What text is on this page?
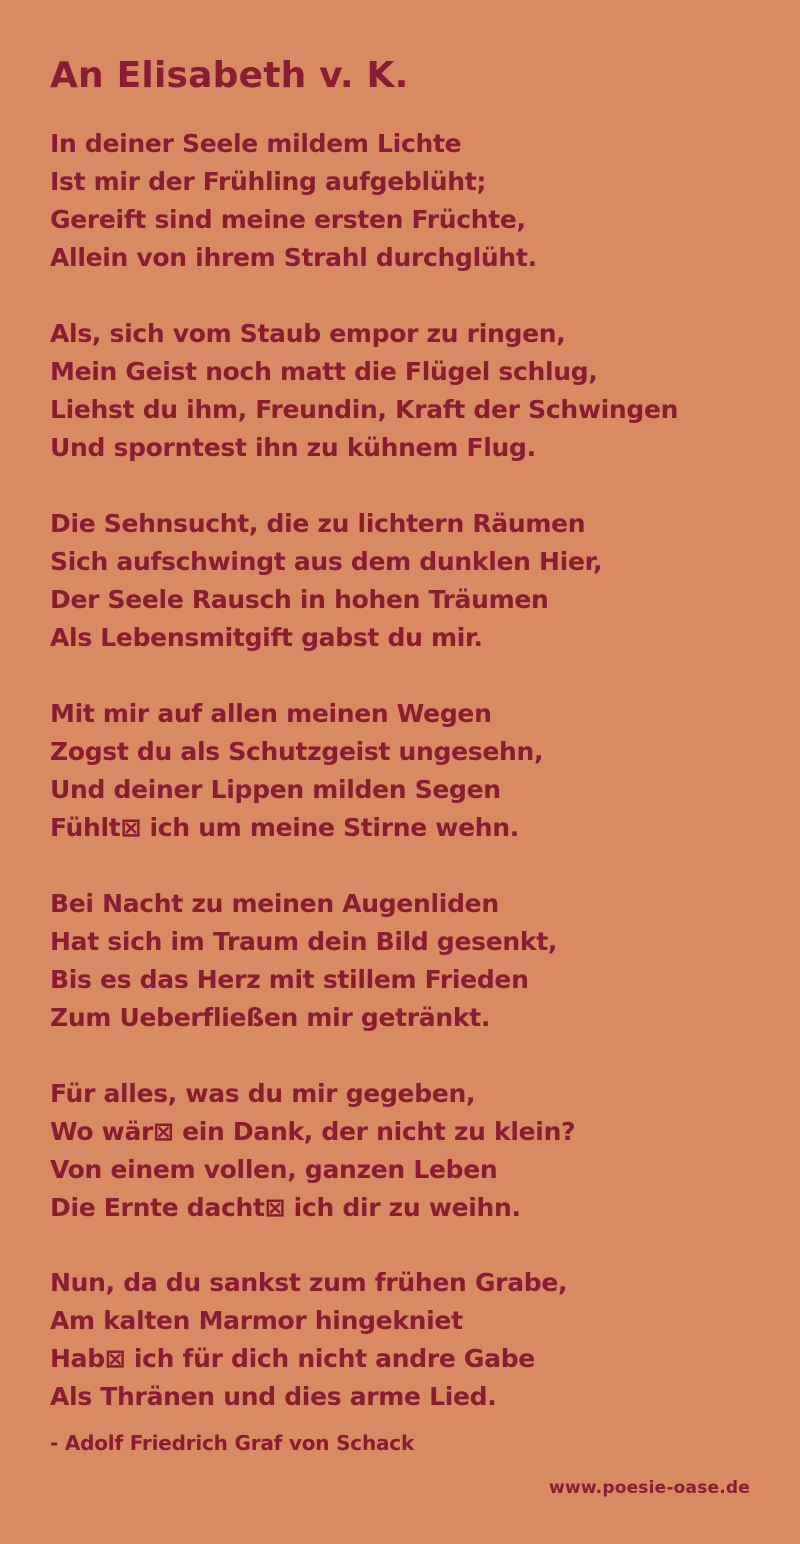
An Elisabeth v. K.
In deiner Seele mildem Lichte
Ist mir der Frühling aufgeblüht;
Gereift sind meine ersten Früchte,
Allein von ihrem Strahl durchglüht.
Als, sich vom Staub empor zu ringen,
Mein Geist noch matt die Flügel schlug,
Liehst du ihm, Freundin, Kraft der Schwingen
Und sporntest ihn zu kühnem Flug.
Die Sehnsucht, die zu lichtern Räumen
Sich aufschwingt aus dem dunklen Hier,
Der Seele Rausch in hohen Träumen
Als Lebensmitgift gabst du mir.
Mit mir auf allen meinen Wegen
Zogst du als Schutzgeist ungesehn,
Und deiner Lippen milden Segen
Fühlt⊠ ich um meine Stirne wehn.
Bei Nacht zu meinen Augenliden
Hat sich im Traum dein Bild gesenkt,
Bis es das Herz mit stillem Frieden
Zum Ueberfließen mir getränkt.
Für alles, was du mir gegeben,
Wo wär⊠ ein Dank, der nicht zu klein?
Von einem vollen, ganzen Leben
Die Ernte dacht⊠ ich dir zu weihn.
Nun, da du sankst zum frühen Grabe,
Am kalten Marmor hingekniet
Hab⊠ ich für dich nicht andre Gabe
Als Thränen und dies arme Lied.
- Adolf Friedrich Graf von Schack
www.poesie-oase.de
